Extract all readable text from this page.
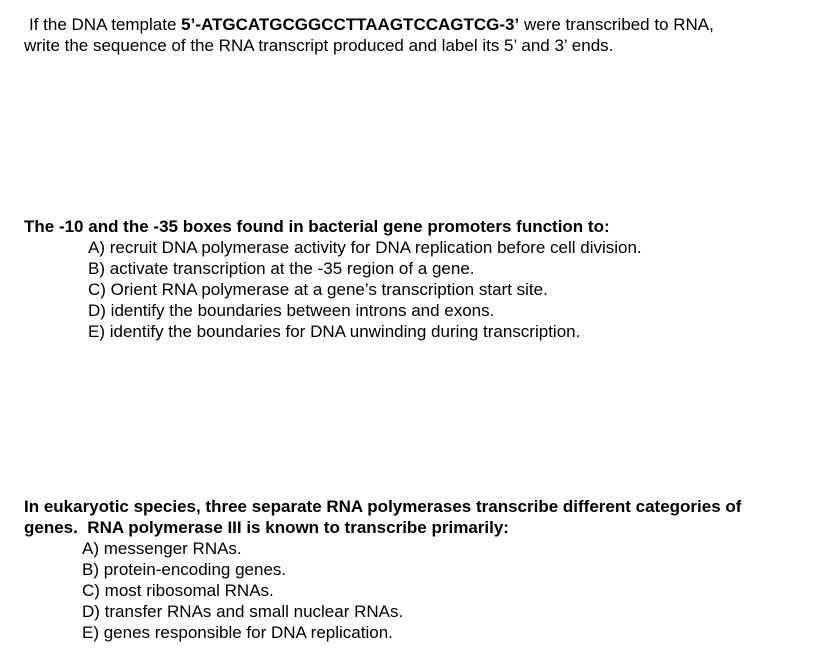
If the DNA template 5’-ATGCATGCGGCCTTAAGTCCAGTCG-3’ were transcribed to RNA,
write the sequence of the RNA transcript produced and label its 5’ and 3’ ends.
The -10 and the -35 boxes found in bacterial gene promoters function to:
A) recruit DNA polymerase activity for DNA replication before cell division.
B) activate transcription at the -35 region of a gene.
C) Orient RNA polymerase at a gene’s transcription start site.
D) identify the boundaries between introns and exons.
E) identify the boundaries for DNA unwinding during transcription.
In eukaryotic species, three separate RNA polymerases transcribe different categories of
genes.  RNA polymerase III is known to transcribe primarily:
A) messenger RNAs.
B) protein-encoding genes.
C) most ribosomal RNAs.
D) transfer RNAs and small nuclear RNAs.
E) genes responsible for DNA replication.
